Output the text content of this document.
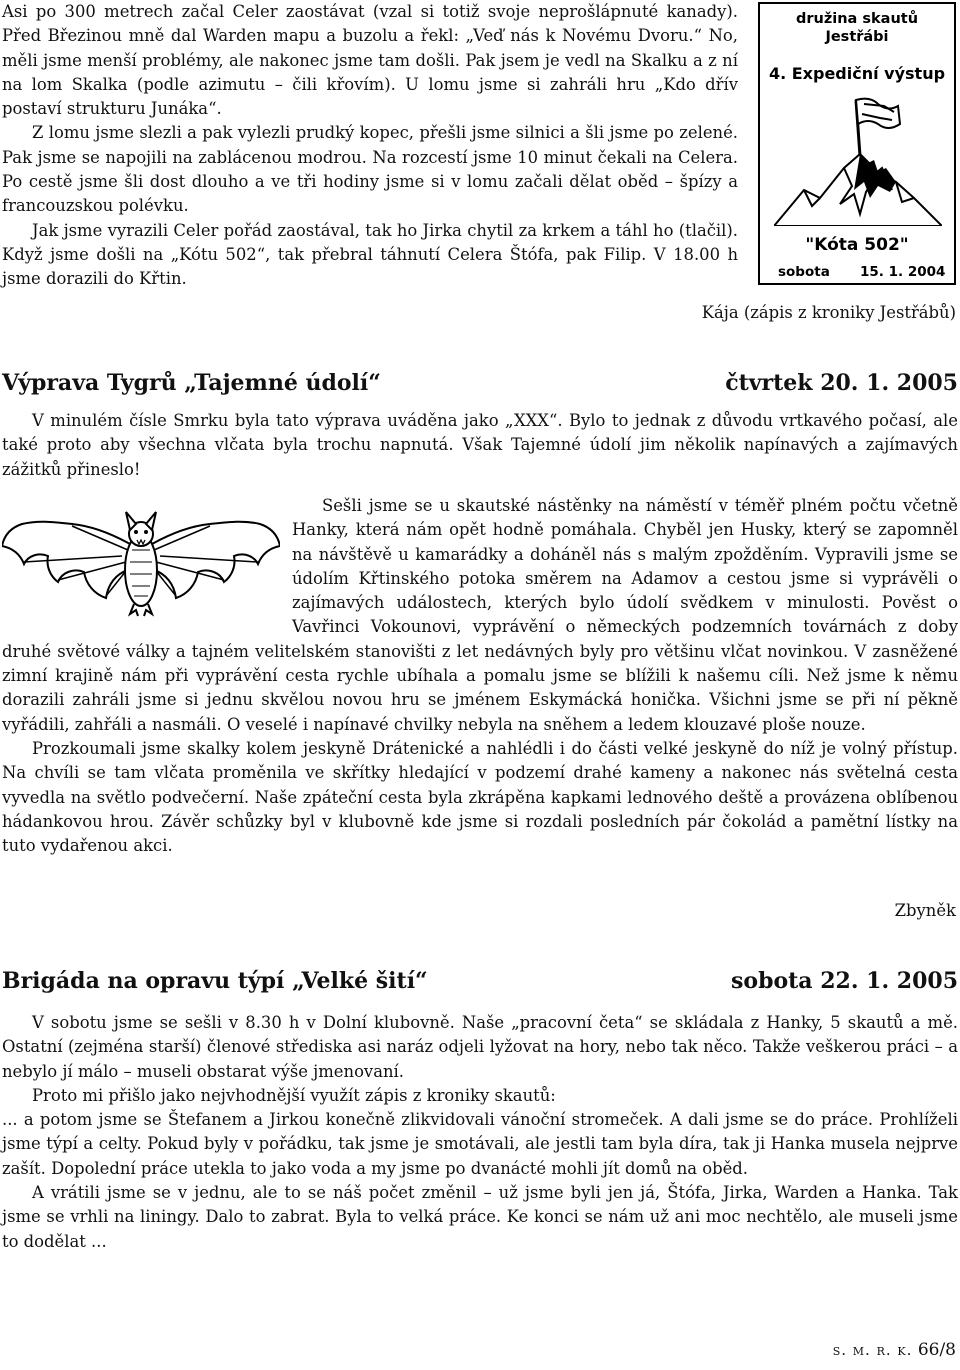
Asi po 300 metrech začal Celer zaostávat (vzal si totiž svoje neprošlápnuté kanady). Před Březinou mně dal Warden mapu a buzolu a řekl: „Veď nás k Novému Dvoru.“ No, měli jsme menší problémy, ale nakonec jsme tam došli. Pak jsem je vedl na Skalku a z ní na lom Skalka (podle azimutu – čili křovím). U lomu jsme si zahráli hru „Kdo dřív postaví strukturu Junáka“.

Z lomu jsme slezli a pak vylezli prudký kopec, přešli jsme silnici a šli jsme po zelené. Pak jsme se napojili na zablácenou modrou. Na rozcestí jsme 10 minut čekali na Celera. Po cestě jsme šli dost dlouho a ve tři hodiny jsme si v lomu začali dělat oběd – špízy a francouzskou polévku.

Jak jsme vyrazili Celer pořád zaostával, tak ho Jirka chytil za krkem a táhl ho (tlačil). Když jsme došli na „Kótu 502“, tak přebral táhnutí Celera Štófa, pak Filip. V 18.00 h jsme dorazili do Křtin.

družina skautů
Jestřábi
4. Expediční výstup
"Kóta 502"
sobota 15. 1. 2004
Kája (zápis z kroniky Jestřábů)
Výprava Tygrů „Tajemné údolí“	čtvrtek 20. 1. 2005

V minulém čísle Smrku byla tato výprava uváděna jako „XXX“. Bylo to jednak z důvodu vrtkavého počasí, ale také proto aby všechna vlčata byla trochu napnutá. Však Tajemné údolí jim několik napínavých a zajímavých zážitků přineslo!

Sešli jsme se u skautské nástěnky na náměstí v téměř plném počtu včetně Hanky, která nám opět hodně pomáhala. Chyběl jen Husky, který se zapomněl na návštěvě u kamarádky a doháněl nás s malým zpožděním. Vypravili jsme se údolím Křtinského potoka směrem na Adamov a cestou jsme si vyprávěli o zajímavých událostech, kterých bylo údolí svědkem v minulosti. Pověst o Vavřinci Vokounovi, vyprávění o německých podzemních továrnách z doby druhé světové války a tajném velitelském stanovišti z let nedávných byly pro většinu vlčat novinkou. V zasněžené zimní krajině nám při vyprávění cesta rychle ubíhala a pomalu jsme se blížili k našemu cíli. Než jsme k němu dorazili zahráli jsme si jednu skvělou novou hru se jménem Eskymácká honička. Všichni jsme se při ní pěkně vyřádili, zahřáli a nasmáli. O veselé i napínavé chvilky nebyla na sněhem a ledem klouzavé ploše nouze.

Prozkoumali jsme skalky kolem jeskyně Drátenické a nahlédli i do části velké jeskyně do níž je volný přístup. Na chvíli se tam vlčata proměnila ve skřítky hledající v podzemí drahé kameny a nakonec nás světelná cesta vyvedla na světlo podvečerní. Naše zpáteční cesta byla zkrápěna kapkami lednového deště a provázena oblíbenou hádankovou hrou. Závěr schůzky byl v klubovně kde jsme si rozdali posledních pár čokolád a pamětní lístky na tuto vydařenou akci.

Zbyněk
Brigáda na opravu týpí „Velké šití“	sobota 22. 1. 2005

V sobotu jsme se sešli v 8.30 h v Dolní klubovně. Naše „pracovní četa“ se skládala z Hanky, 5 skautů a mě. Ostatní (zejména starší) členové střediska asi naráz odjeli lyžovat na hory, nebo tak něco. Takže veškerou práci – a nebylo jí málo – museli obstarat výše jmenovaní.

Proto mi přišlo jako nejvhodnější využít zápis z kroniky skautů:

... a potom jsme se Štefanem a Jirkou konečně zlikvidovali vánoční stromeček. A dali jsme se do práce. Prohlíželi jsme týpí a celty. Pokud byly v pořádku, tak jsme je smotávali, ale jestli tam byla díra, tak ji Hanka musela nejprve zašít. Dopolední práce utekla to jako voda a my jsme po dvanácté mohli jít domů na oběd.

A vrátili jsme se v jednu, ale to se náš počet změnil – už jsme byli jen já, Štófa, Jirka, Warden a Hanka. Tak jsme se vrhli na liningy. Dalo to zabrat. Byla to velká práce. Ke konci se nám už ani moc nechtělo, ale museli jsme to dodělat ...

s. m. r. k. 66/8
